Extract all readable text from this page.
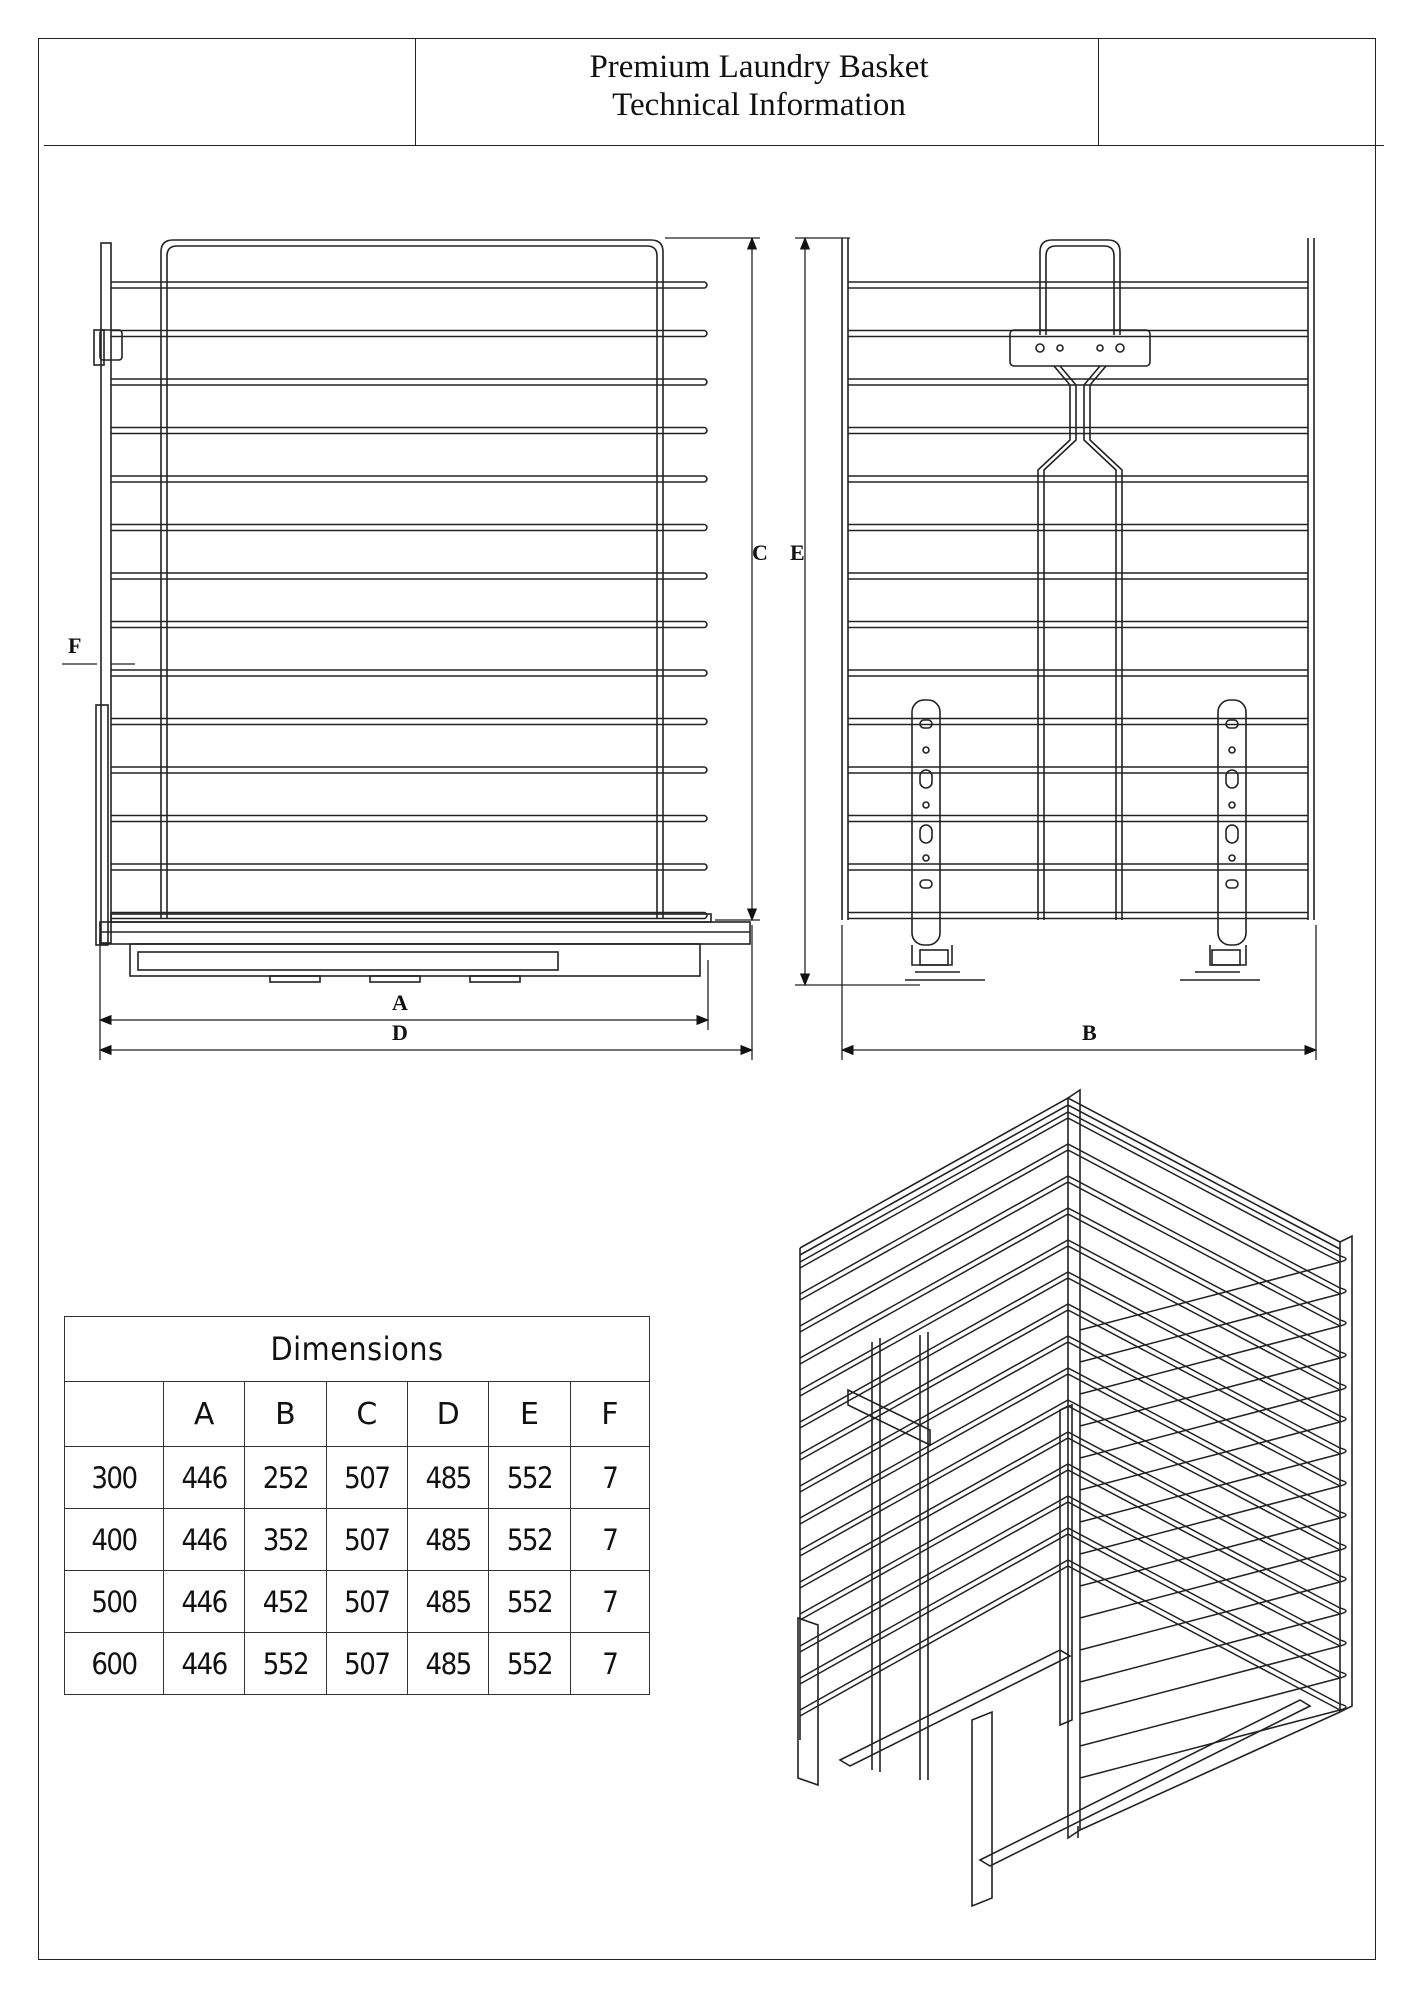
Premium Laundry Basket
Technical Information
A
D
C
F
E
B
Dimensions						
	A	B	C	D	E	F
300	446	252	507	485	552	7
400	446	352	507	485	552	7
500	446	452	507	485	552	7
600	446	552	507	485	552	7
